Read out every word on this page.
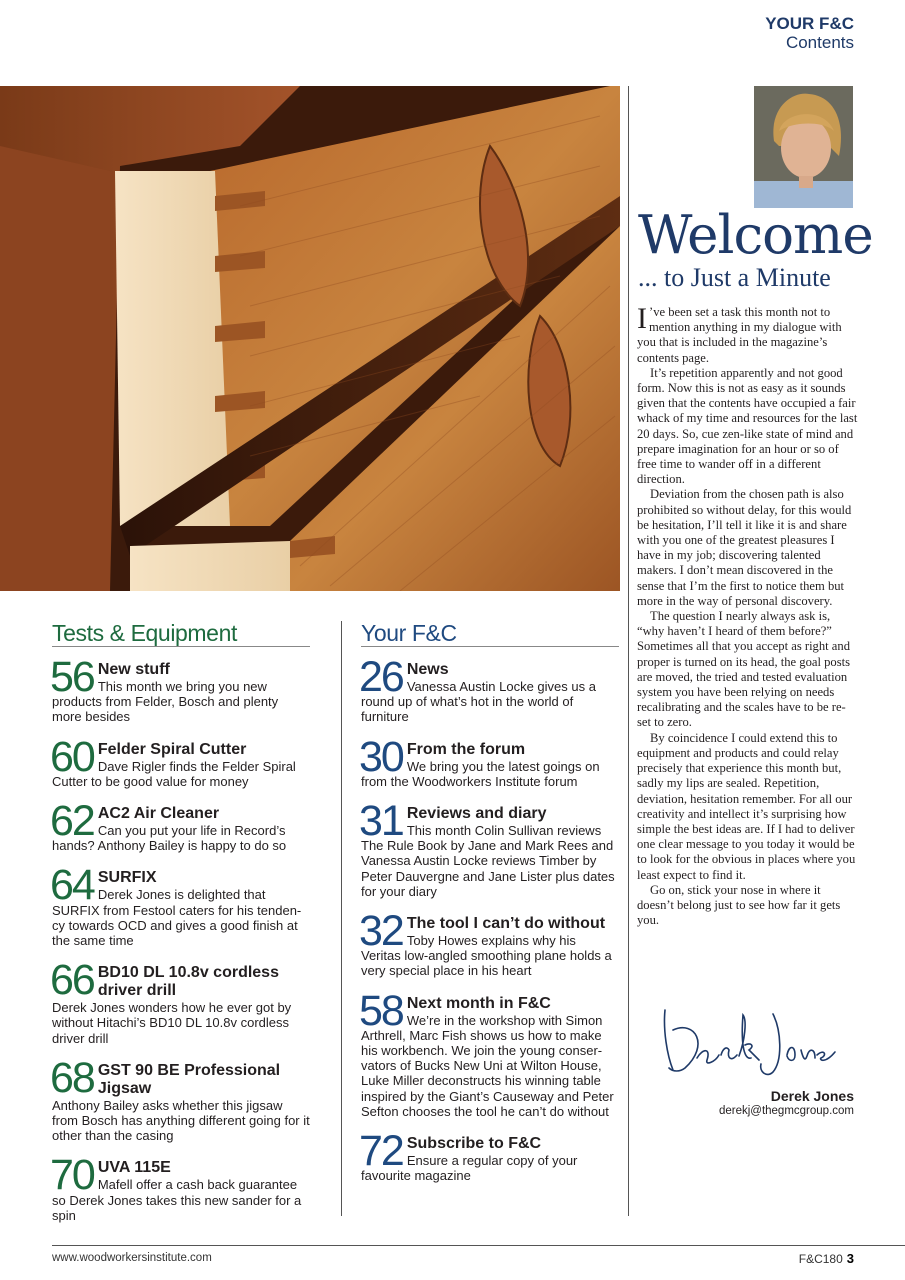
YOUR F&C
Contents
Welcome
... to Just a Minute

I ’ve been set a task this month not to mention anything in my dialogue with you that is included in the magazine’s contents page.

It’s repetition apparently and not good form. Now this is not as easy as it sounds given that the contents have occupied a fair whack of my time and resources for the last 20 days. So, cue zen-like state of mind and prepare imagination for an hour or so of free time to wander off in a different direction.

Deviation from the chosen path is also prohibited so without delay, for this would be hesitation, I’ll tell it like it is and share with you one of the greatest pleasures I have in my job; discovering talented makers. I don’t mean discovered in the sense that I’m the first to notice them but more in the way of personal discovery.

The question I nearly always ask is, “why haven’t I heard of them before?” Sometimes all that you accept as right and proper is turned on its head, the goal posts are moved, the tried and tested evaluation system you have been relying on needs recalibrating and the scales have to be re-set to zero.

By coincidence I could extend this to equipment and products and could relay precisely that experience this month but, sadly my lips are sealed. Repetition, deviation, hesitation remember. For all our creativity and intellect it’s surprising how simple the best ideas are. If I had to deliver one clear message to you today it would be to look for the obvious in places where you least expect to find it.

Go on, stick your nose in where it doesn’t belong just to see how far it gets you.

Derek Jones
derekj@thegmcgroup.com
Tests & Equipment
56 New stuff
This month we bring you new products from Felder, Bosch and plenty more besides
60 Felder Spiral Cutter
Dave Rigler finds the Felder Spiral Cutter to be good value for money
62 AC2 Air Cleaner
Can you put your life in Record’s hands? Anthony Bailey is happy to do so
64 SURFIX
Derek Jones is delighted that SURFIX from Festool caters for his tenden-cy towards OCD and gives a good finish at the same time
66 BD10 DL 10.8v cordless driver drill
Derek Jones wonders how he ever got by without Hitachi’s BD10 DL 10.8v cordless driver drill
68 GST 90 BE Professional Jigsaw
Anthony Bailey asks whether this jigsaw from Bosch has anything different going for it other than the casing
70 UVA 115E
Mafell offer a cash back guarantee so Derek Jones takes this new sander for a spin
Your F&C
26 News
Vanessa Austin Locke gives us a round up of what’s hot in the world of furniture
30 From the forum
We bring you the latest goings on from the Woodworkers Institute forum
31 Reviews and diary
This month Colin Sullivan reviews The Rule Book by Jane and Mark Rees and Vanessa Austin Locke reviews Timber by Peter Dauvergne and Jane Lister plus dates for your diary
32 The tool I can’t do without
Toby Howes explains why his Veritas low-angled smoothing plane holds a very special place in his heart
58 Next month in F&C
We’re in the workshop with Simon Arthrell, Marc Fish shows us how to make his workbench. We join the young conser-vators of Bucks New Uni at Wilton House, Luke Miller deconstructs his winning table inspired by the Giant’s Causeway and Peter Sefton chooses the tool he can’t do without
72 Subscribe to F&C
Ensure a regular copy of your favourite magazine
www.woodworkersinstitute.com	F&C180 3
